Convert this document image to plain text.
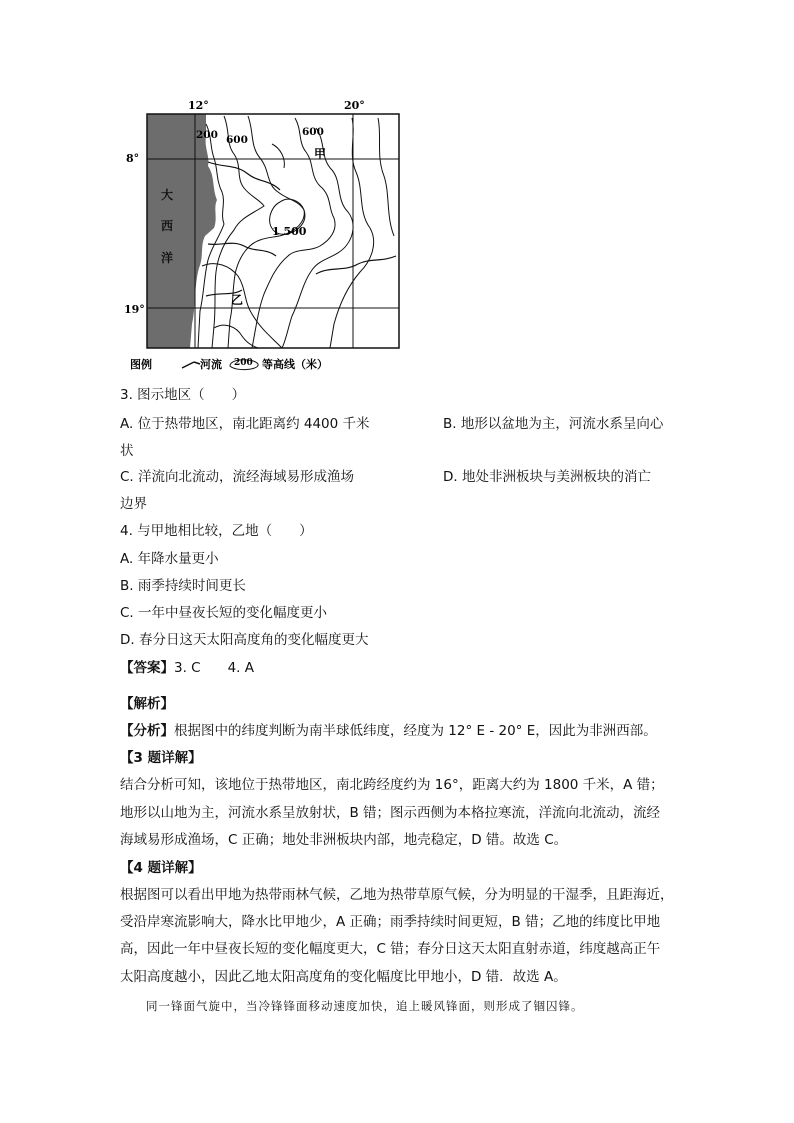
12°	20°
8°
19°
200 600
600
1 500
甲
乙
大
西
洋
图例	河流 200 等高线（米）
3. 图示地区（　　）
A. 位于热带地区，南北距离约 4400 千米	B. 地形以盆地为主，河流水系呈向心
状
C. 洋流向北流动，流经海域易形成渔场	D. 地处非洲板块与美洲板块的消亡
边界
4. 与甲地相比较，乙地（　　）
A. 年降水量更小
B. 雨季持续时间更长
C. 一年中昼夜长短的变化幅度更小
D. 春分日这天太阳高度角的变化幅度更大
【答案】3. C　　4. A
【解析】
【分析】根据图中的纬度判断为南半球低纬度，经度为 12° E - 20° E，因此为非洲西部。
【3 题详解】
结合分析可知，该地位于热带地区，南北跨经度约为 16°，距离大约为 1800 千米，A 错；
地形以山地为主，河流水系呈放射状，B 错；图示西侧为本格拉寒流，洋流向北流动，流经
海域易形成渔场，C 正确；地处非洲板块内部，地壳稳定，D 错。故选 C。
【4 题详解】
根据图可以看出甲地为热带雨林气候，乙地为热带草原气候，分为明显的干湿季，且距海近，
受沿岸寒流影响大，降水比甲地少，A 正确；雨季持续时间更短，B 错；乙地的纬度比甲地
高，因此一年中昼夜长短的变化幅度更大，C 错；春分日这天太阳直射赤道，纬度越高正午
太阳高度越小，因此乙地太阳高度角的变化幅度比甲地小，D 错．故选 A。
同一锋面气旋中，当冷锋锋面移动速度加快，追上暖风锋面，则形成了锢囚锋。
